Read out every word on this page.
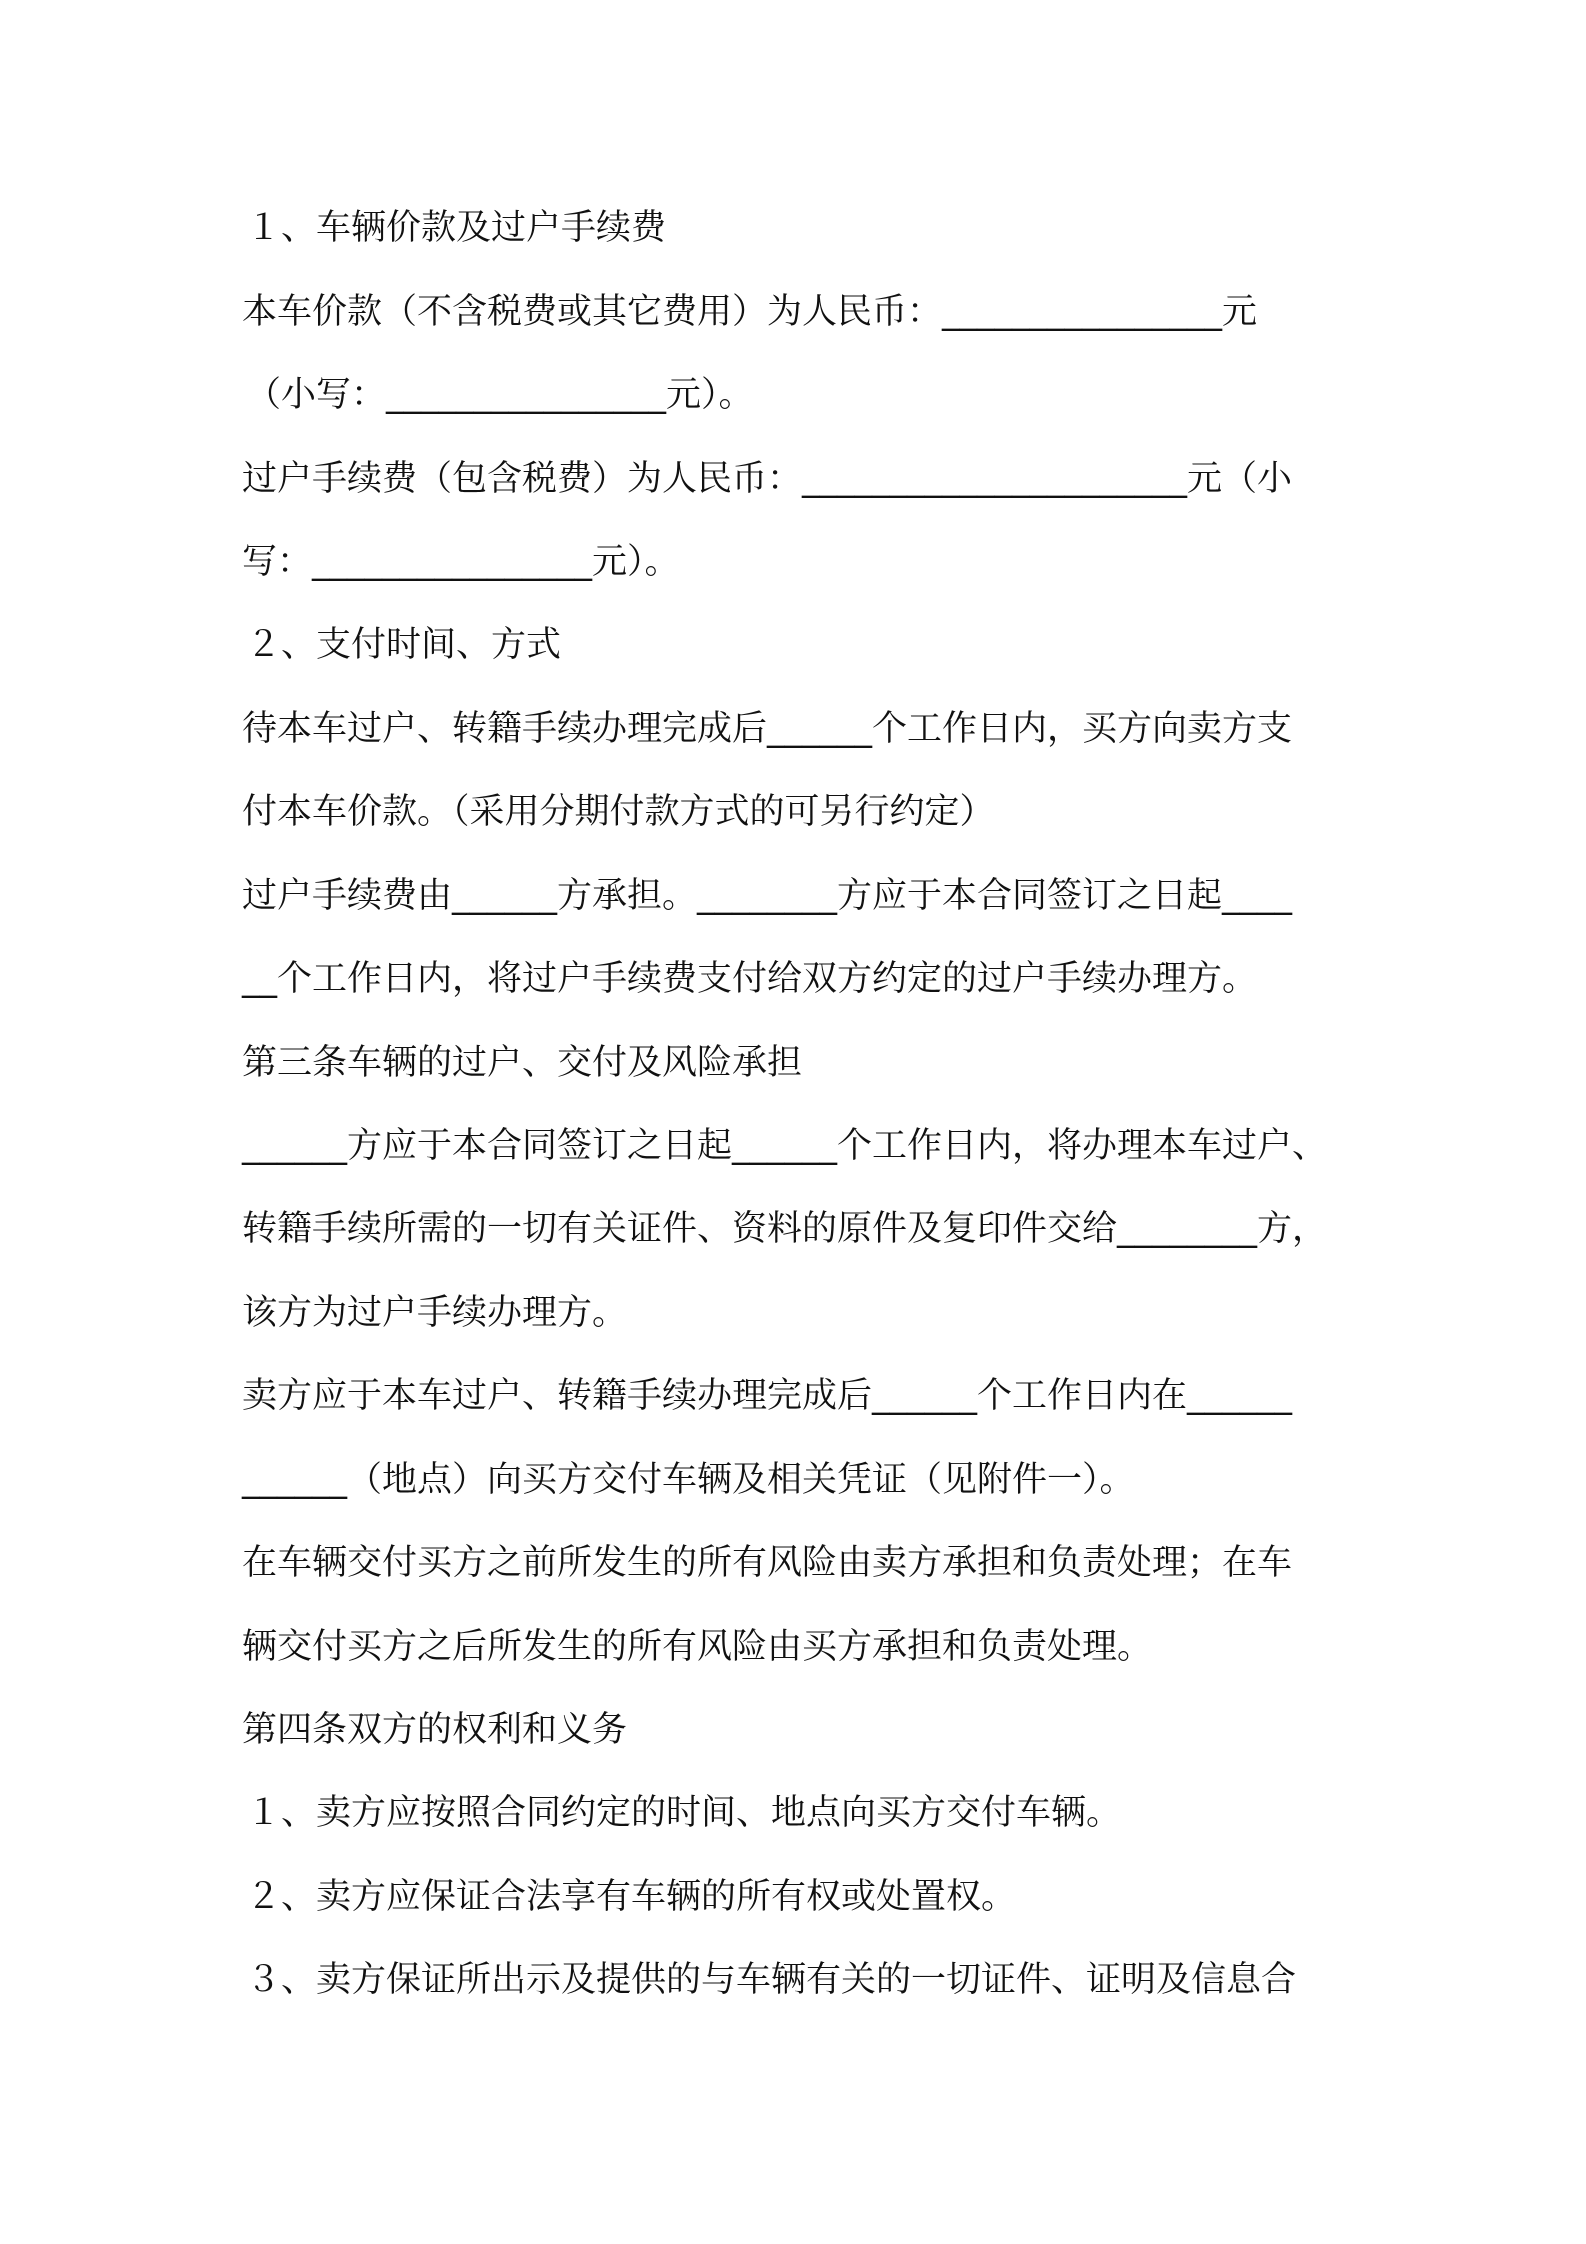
１、车辆价款及过户手续费
本车价款（不含税费或其它费用）为人民币：________________元
（小写：________________元）。
过户手续费（包含税费）为人民币：______________________元（小
写：________________元）。
２、支付时间、方式
待本车过户、转籍手续办理完成后______个工作日内，买方向卖方支
付本车价款。（采用分期付款方式的可另行约定）
过户手续费由______方承担。________方应于本合同签订之日起____
__个工作日内，将过户手续费支付给双方约定的过户手续办理方。
第三条车辆的过户、交付及风险承担
______方应于本合同签订之日起______个工作日内，将办理本车过户、
转籍手续所需的一切有关证件、资料的原件及复印件交给________方，
该方为过户手续办理方。
卖方应于本车过户、转籍手续办理完成后______个工作日内在______
______（地点）向买方交付车辆及相关凭证（见附件一）。
在车辆交付买方之前所发生的所有风险由卖方承担和负责处理；在车
辆交付买方之后所发生的所有风险由买方承担和负责处理。
第四条双方的权利和义务
１、卖方应按照合同约定的时间、地点向买方交付车辆。
２、卖方应保证合法享有车辆的所有权或处置权。
３、卖方保证所出示及提供的与车辆有关的一切证件、证明及信息合
